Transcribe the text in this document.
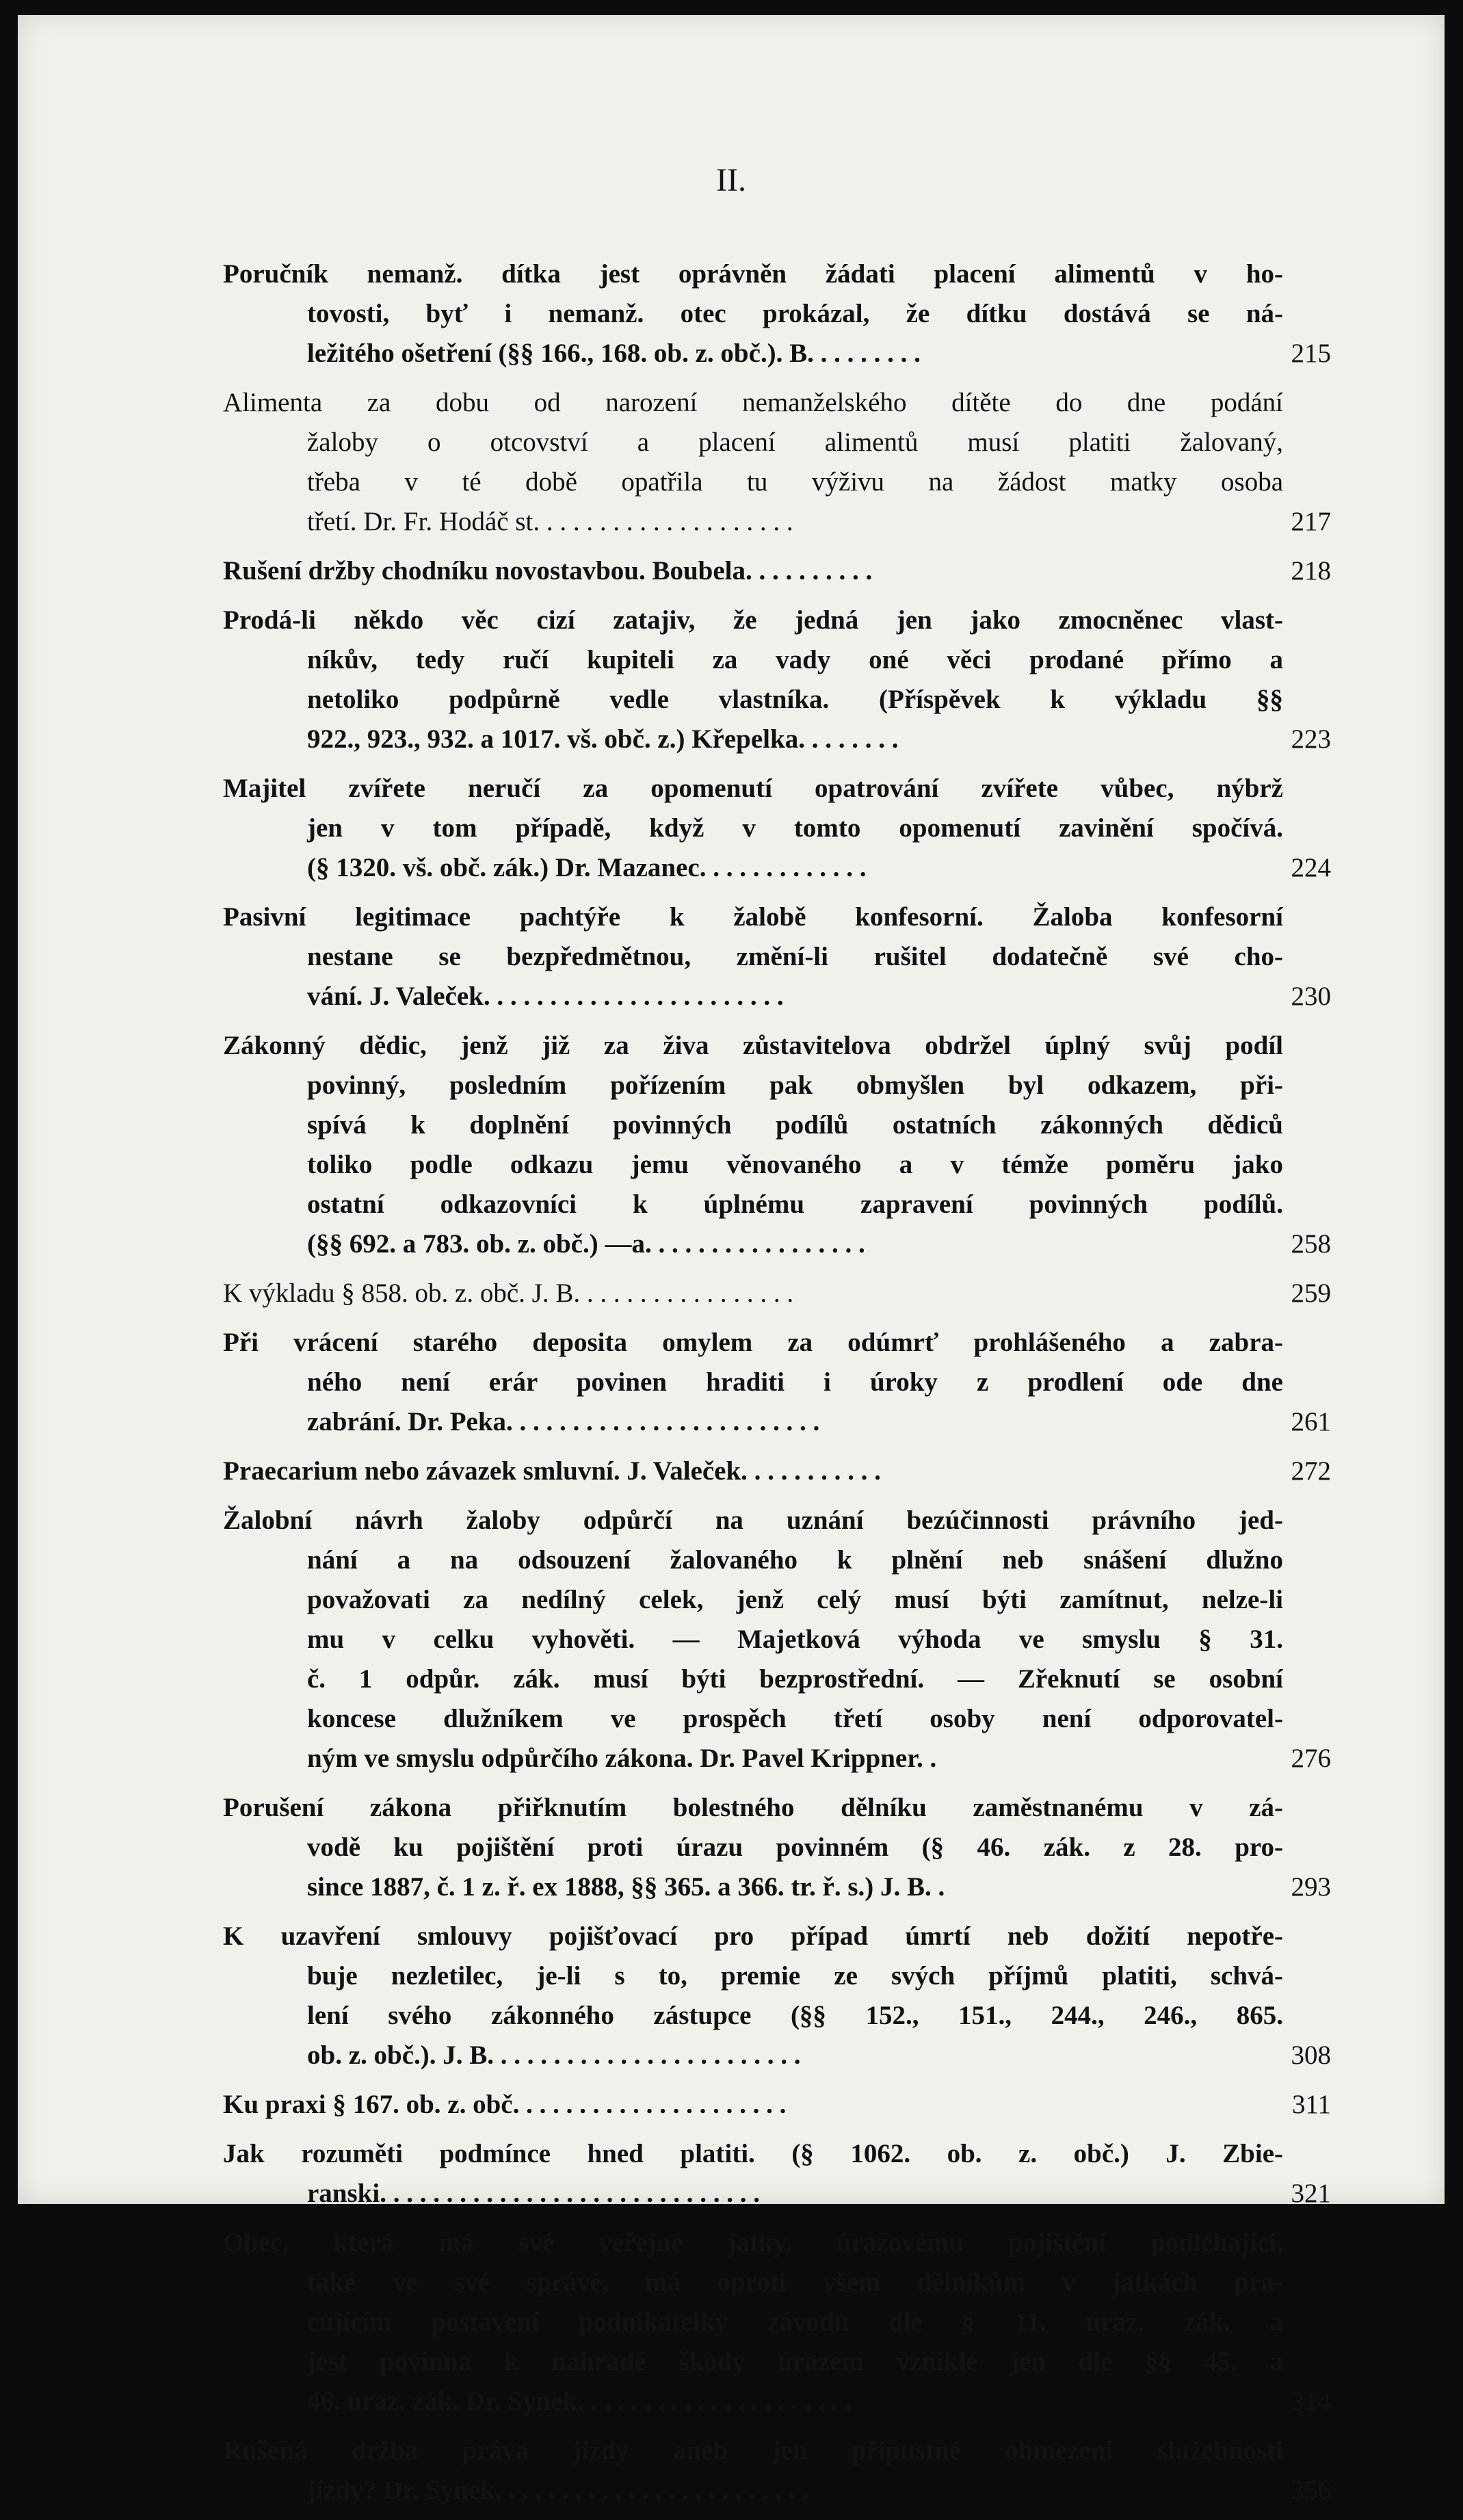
II.
Poručník nemanž. dítka jest oprávněn žádati placení alimentů v ho-
tovosti, byť i nemanž. otec prokázal, že dítku dostává se ná-
ležitého ošetření (§§ 166., 168. ob. z. obč.). B. . . . . . . . .	215
Alimenta za dobu od narození nemanželského dítěte do dne podání
žaloby o otcovství a placení alimentů musí platiti žalovaný,
třeba v té době opatřila tu výživu na žádost matky osoba
třetí. Dr. Fr. Hodáč st. . . . . . . . . . . . . . . . . . . .	217
Rušení držby chodníku novostavbou. Boubela. . . . . . . . . .	218
Prodá-li někdo věc cizí zatajiv, že jedná jen jako zmocněnec vlast-
níkův, tedy ručí kupiteli za vady oné věci prodané přímo a
netoliko podpůrně vedle vlastníka. (Příspěvek k výkladu §§
922., 923., 932. a 1017. vš. obč. z.) Křepelka. . . . . . . .	223
Majitel zvířete neručí za opomenutí opatrování zvířete vůbec, nýbrž
jen v tom případě, když v tomto opomenutí zavinění spočívá.
(§ 1320. vš. obč. zák.) Dr. Mazanec. . . . . . . . . . . . .	224
Pasivní legitimace pachtýře k žalobě konfesorní. Žaloba konfesorní
nestane se bezpředmětnou, změní-li rušitel dodatečně své cho-
vání. J. Valeček. . . . . . . . . . . . . . . . . . . . . . .	230
Zákonný dědic, jenž již za živa zůstavitelova obdržel úplný svůj podíl
povinný, posledním pořízením pak obmyšlen byl odkazem, při-
spívá k doplnění povinných podílů ostatních zákonných dědiců
toliko podle odkazu jemu věnovaného a v témže poměru jako
ostatní odkazovníci k úplnému zapravení povinných podílů.
(§§ 692. a 783. ob. z. obč.) —a. . . . . . . . . . . . . . . . .	258
K výkladu § 858. ob. z. obč. J. B. . . . . . . . . . . . . . . . .	259
Při vrácení starého deposita omylem za odúmrť prohlášeného a zabra-
ného není erár povinen hraditi i úroky z prodlení ode dne
zabrání. Dr. Peka. . . . . . . . . . . . . . . . . . . . . . . .	261
Praecarium nebo závazek smluvní. J. Valeček. . . . . . . . . . .	272
Žalobní návrh žaloby odpůrčí na uznání bezúčinnosti právního jed-
nání a na odsouzení žalovaného k plnění neb snášení dlužno
považovati za nedílný celek, jenž celý musí býti zamítnut, nelze-li
mu v celku vyhověti. — Majetková výhoda ve smyslu § 31.
č. 1 odpůr. zák. musí býti bezprostřední. — Zřeknutí se osobní
koncese dlužníkem ve prospěch třetí osoby není odporovatel-
ným ve smyslu odpůrčího zákona. Dr. Pavel Krippner. .	276
Porušení zákona přiřknutím bolestného dělníku zaměstnanému v zá-
vodě ku pojištění proti úrazu povinném (§ 46. zák. z 28. pro-
since 1887, č. 1 z. ř. ex 1888, §§ 365. a 366. tr. ř. s.) J. B. .	293
K uzavření smlouvy pojišťovací pro případ úmrtí neb dožití nepotře-
buje nezletilec, je-li s to, premie ze svých příjmů platiti, schvá-
lení svého zákonného zástupce (§§ 152., 151., 244., 246., 865.
ob. z. obč.). J. B. . . . . . . . . . . . . . . . . . . . . . . .	308
Ku praxi § 167. ob. z. obč. . . . . . . . . . . . . . . . . . . . .	311
Jak rozuměti podmínce hned platiti. (§ 1062. ob. z. obč.) J. Zbie-
ranski. . . . . . . . . . . . . . . . . . . . . . . . . . . . .	321
Obec, která má své veřejné jatky, úrazovému pojištění podléhající,
také ve své správě, má oproti všem dělníkům v jatkách pra-
cujícím postavení podnikatelky závodu dle § 11. úraz. zák. a
jest povinna k náhradě škody úrazem vzniklé jen dle §§ 45. a
46. úraz. zák. Dr. Synek. . . . . . . . . . . . . . . . . . . . .	314
Rušená držba práva jízdy aneb jen přípustné obmezení služebnosti
jízdy? Dr. Synek. . . . . . . . . . . . . . . . . . . . . . . .	356
